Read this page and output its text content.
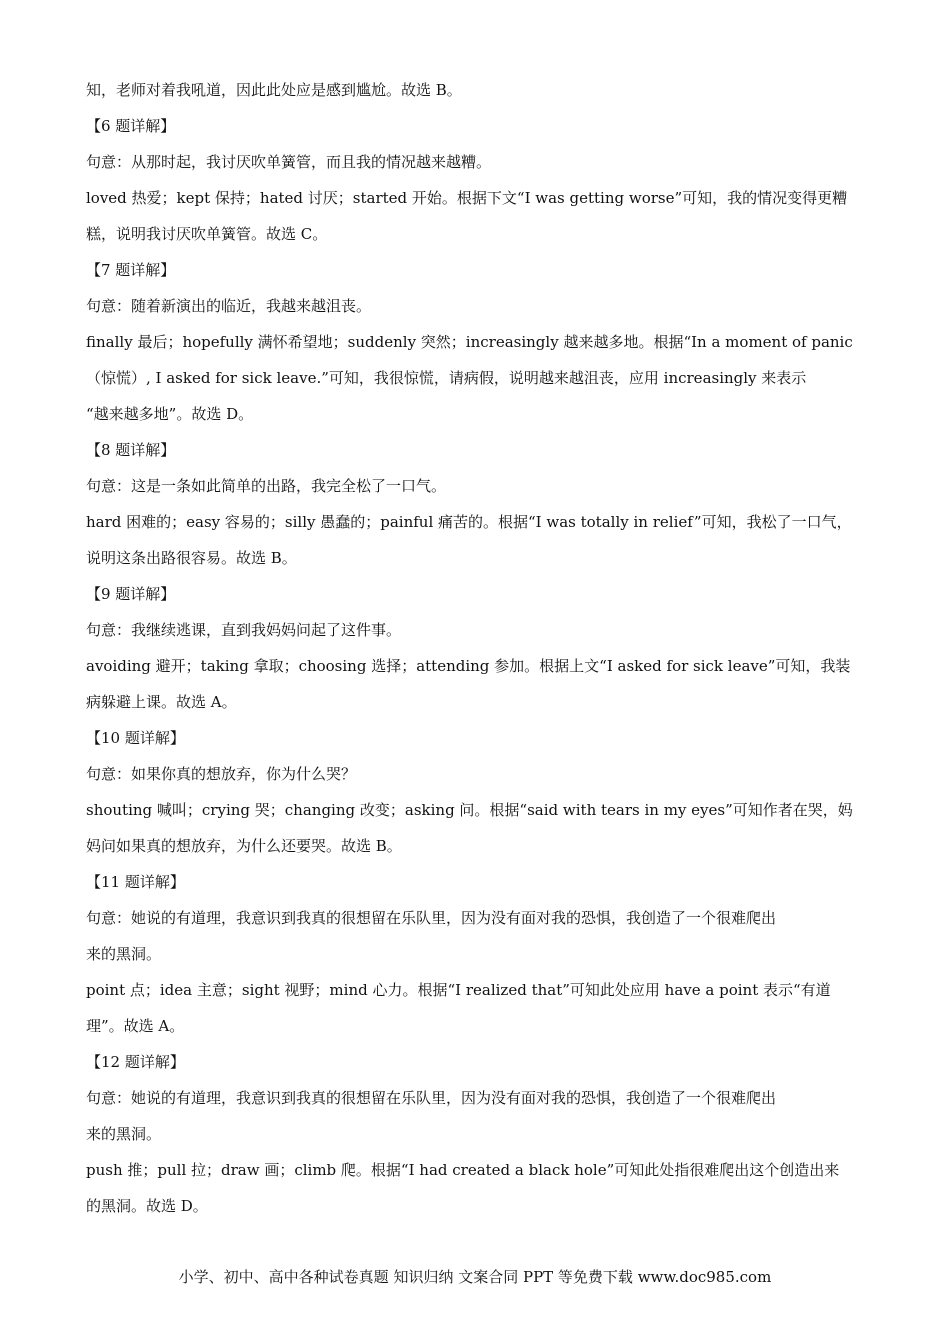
知，老师对着我吼道，因此此处应是感到尴尬。故选 B。
【6 题详解】
句意：从那时起，我讨厌吹单簧管，而且我的情况越来越糟。
loved 热爱；kept 保持；hated 讨厌；started 开始。根据下文“I was getting worse”可知，我的情况变得更糟
糕，说明我讨厌吹单簧管。故选 C。
【7 题详解】
句意：随着新演出的临近，我越来越沮丧。
finally 最后；hopefully 满怀希望地；suddenly 突然；increasingly 越来越多地。根据“In a moment of panic
（惊慌）, I asked for sick leave.”可知，我很惊慌，请病假，说明越来越沮丧，应用 increasingly 来表示
“越来越多地”。故选 D。
【8 题详解】
句意：这是一条如此简单的出路，我完全松了一口气。
hard 困难的；easy 容易的；silly 愚蠢的；painful 痛苦的。根据“I was totally in relief”可知，我松了一口气，
说明这条出路很容易。故选 B。
【9 题详解】
句意：我继续逃课，直到我妈妈问起了这件事。
avoiding 避开；taking 拿取；choosing 选择；attending 参加。根据上文“I asked for sick leave”可知，我装
病躲避上课。故选 A。
【10 题详解】
句意：如果你真的想放弃，你为什么哭？
shouting 喊叫；crying 哭；changing 改变；asking 问。根据“said with tears in my eyes”可知作者在哭，妈
妈问如果真的想放弃，为什么还要哭。故选 B。
【11 题详解】
句意：她说的有道理，我意识到我真的很想留在乐队里，因为没有面对我的恐惧，我创造了一个很难爬出
来的黑洞。
point 点；idea 主意；sight 视野；mind 心力。根据“I realized that”可知此处应用 have a point 表示“有道
理”。故选 A。
【12 题详解】
句意：她说的有道理，我意识到我真的很想留在乐队里，因为没有面对我的恐惧，我创造了一个很难爬出
来的黑洞。
push 推；pull 拉；draw 画；climb 爬。根据“I had created a black hole”可知此处指很难爬出这个创造出来
的黑洞。故选 D。
小学、初中、高中各种试卷真题 知识归纳 文案合同 PPT 等免费下载 www.doc985.com
